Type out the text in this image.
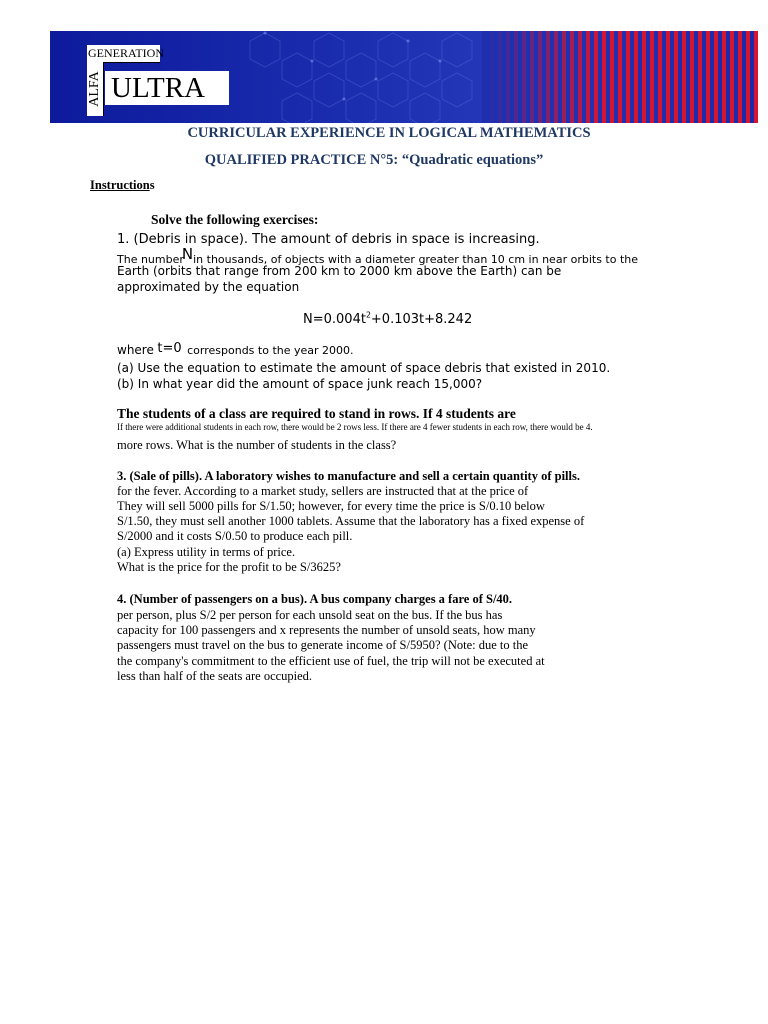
GENERATION
ALFA ULTRA
CURRICULAR EXPERIENCE IN LOGICAL MATHEMATICS
QUALIFIED PRACTICE N°5: “Quadratic equations”
Instructions
Solve the following exercises:
1. (Debris in space). The amount of debris in space is increasing.
The numberNin thousands, of objects with a diameter greater than 10 cm in near orbits to the
Earth (orbits that range from 200 km to 2000 km above the Earth) can be
approximated by the equation
$N=0.004t^2+0.103t+8.242$
where t=0 corresponds to the year 2000.
(a) Use the equation to estimate the amount of space debris that existed in 2010.
(b) In what year did the amount of space junk reach 15,000?
The students of a class are required to stand in rows. If 4 students are
If there were additional students in each row, there would be 2 rows less. If there are 4 fewer students in each row, there would be 4.
more rows. What is the number of students in the class?
3. (Sale of pills). A laboratory wishes to manufacture and sell a certain quantity of pills.
for the fever. According to a market study, sellers are instructed that at the price of
They will sell 5000 pills for S/1.50; however, for every time the price is S/0.10 below
S/1.50, they must sell another 1000 tablets. Assume that the laboratory has a fixed expense of
S/2000 and it costs S/0.50 to produce each pill.
(a) Express utility in terms of price.
What is the price for the profit to be S/3625?
4. (Number of passengers on a bus). A bus company charges a fare of S/40.
per person, plus S/2 per person for each unsold seat on the bus. If the bus has
capacity for 100 passengers and x represents the number of unsold seats, how many
passengers must travel on the bus to generate income of S/5950? (Note: due to the
the company's commitment to the efficient use of fuel, the trip will not be executed at
less than half of the seats are occupied.
